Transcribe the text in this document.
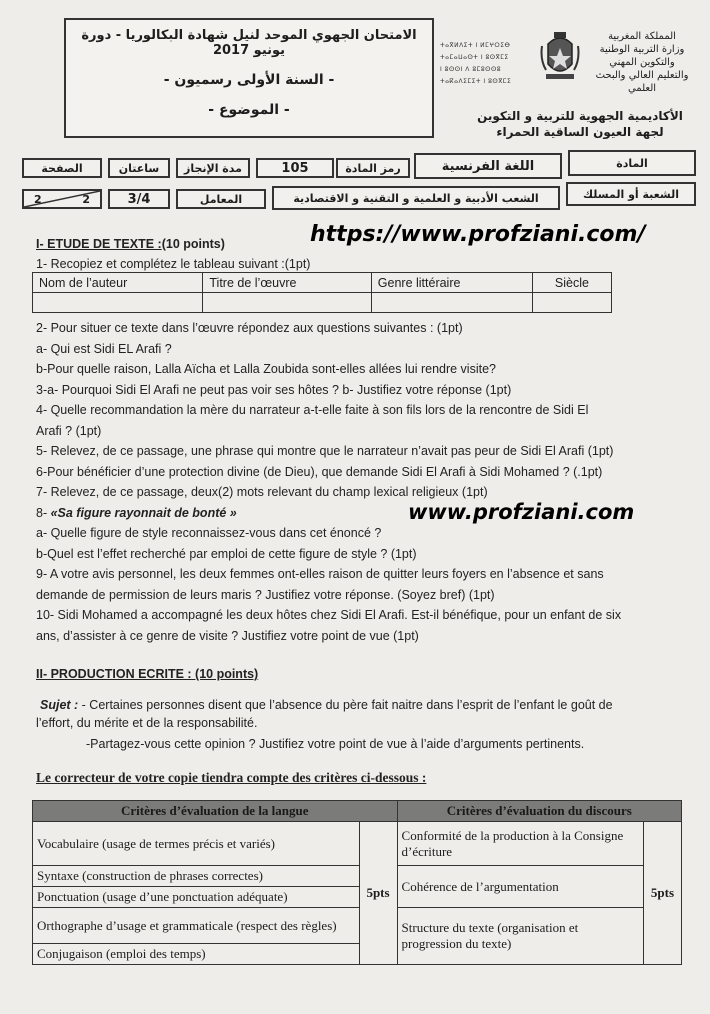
الامتحان الجهوي الموحد لنيل شهادة البكالوريا - دورة يونيو 2017
- السنة الأولى رسميون -
- الموضوع -
ⵜⴰⴳⵍⴷⵉⵜ ⵏ ⵍⵎⵖⵔⵉⴱ
ⵜⴰⵎⴰⵡⴰⵙⵜ ⵏ ⵓⵙⴳⵎⵉ
ⵏ ⵓⵙⵙⵏ ⴷ ⵓⵎⵓⵙⵙⵓ
ⵜⴰⴽⴰⴷⵉⵎⵉⵜ ⵏ ⵓⵙⴳⵎⵉ
المملكة المغربية
وزارة التربية الوطنية
والتكوين المهني
والتعليم العالي والبحث العلمي
الأكاديمية الجهوية للتربية و التكوين
لجهة العيون الساقية الحمراء
الصفحة	ساعتان	مدة الإنجاز	105	رمز المادة	اللغة الفرنسية	المادة
2	2	3/4	المعامل	الشعب الأدبية و العلمية و التقنية و الاقتصادية	الشعبة أو المسلك
https://www.profziani.com/
www.profziani.com
I- ETUDE DE TEXTE :(10 points)
1- Recopiez et complétez le tableau suivant :(1pt)
Nom de l’auteur	Titre de l’œuvre	Genre littéraire	Siècle

2- Pour situer ce texte dans l’œuvre répondez aux questions suivantes : (1pt)
a- Qui est Sidi EL Arafi ?
b-Pour quelle raison, Lalla Aïcha et Lalla Zoubida sont-elles allées lui rendre visite?
3-a- Pourquoi Sidi El Arafi ne peut pas voir ses hôtes ? b- Justifiez votre réponse (1pt)
4- Quelle recommandation la mère du narrateur a-t-elle faite à son fils lors de la rencontre de Sidi El
Arafi ? (1pt)
5- Relevez, de ce passage, une phrase qui montre que le narrateur n’avait pas peur de Sidi El Arafi (1pt)
6-Pour bénéficier d’une protection divine (de Dieu), que demande Sidi El Arafi à Sidi Mohamed ? (.1pt)
7- Relevez, de ce passage, deux(2) mots relevant du champ lexical religieux (1pt)
8- «Sa figure rayonnait de bonté »
a- Quelle figure de style reconnaissez-vous dans cet énoncé ?
b-Quel est l’effet recherché par emploi de cette figure de style ? (1pt)
9- A votre avis personnel, les deux femmes ont-elles raison de quitter leurs foyers en l’absence et sans
demande de permission de leurs maris ? Justifiez votre réponse. (Soyez bref) (1pt)
10- Sidi Mohamed a accompagné les deux hôtes chez Sidi El Arafi. Est-il bénéfique, pour un enfant de six
ans, d’assister à ce genre de visite ? Justifiez votre point de vue (1pt)
II- PRODUCTION ECRITE : (10 points)
Sujet : - Certaines personnes disent que l’absence du père fait naitre dans l’esprit de l’enfant le goût de
l’effort, du mérite et de la responsabilité.
-Partagez-vous cette opinion ? Justifiez votre point de vue à l’aide d’arguments pertinents.
Le correcteur de votre copie tiendra compte des critères ci-dessous :
Critères d’évaluation de la langue		Critères d’évaluation du discours	
Vocabulaire (usage de termes précis et variés)	5pts	Conformité de la production à la Consigne d’écriture	5pts
Syntaxe (construction de phrases correctes)		Cohérence de l’argumentation	
Ponctuation (usage d’une ponctuation adéquate)			
Orthographe d’usage et grammaticale (respect des règles)		Structure du texte (organisation et progression du texte)	
Conjugaison (emploi des temps)			
